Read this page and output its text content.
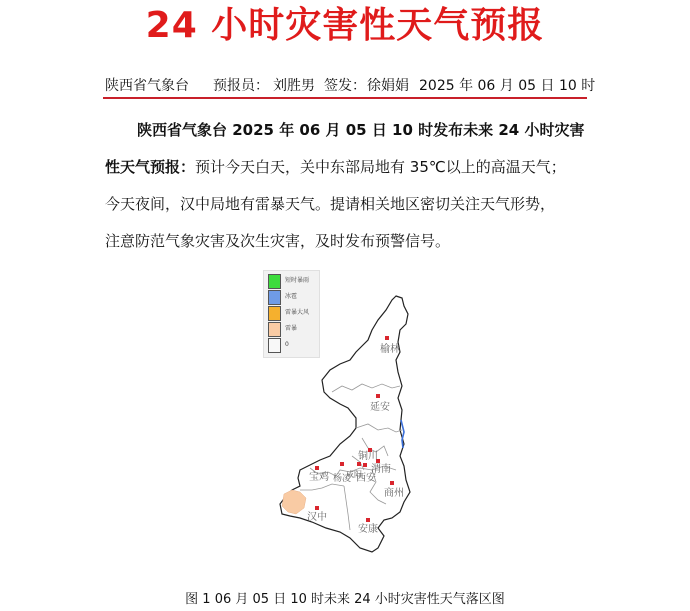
24 小时灾害性天气预报
陕西省气象台 预报员： 刘胜男 签发： 徐娟娟 2025 年 06 月 05 日 10 时
陕西省气象台 2025 年 06 月 05 日 10 时发布未来 24 小时灾害
性天气预报：预计今天白天，关中东部局地有 35℃以上的高温天气；
今天夜间，汉中局地有雷暴天气。提请相关地区密切关注天气形势，
注意防范气象灾害及次生灾害，及时发布预警信号。
短时暴雨
冰雹
雷暴大风
雷暴
0	榆林
延安
铜川
宝鸡 杨凌
咸阳
西安
渭南
商州
汉中
安康
图 1 06 月 05 日 10 时未来 24 小时灾害性天气落区图
